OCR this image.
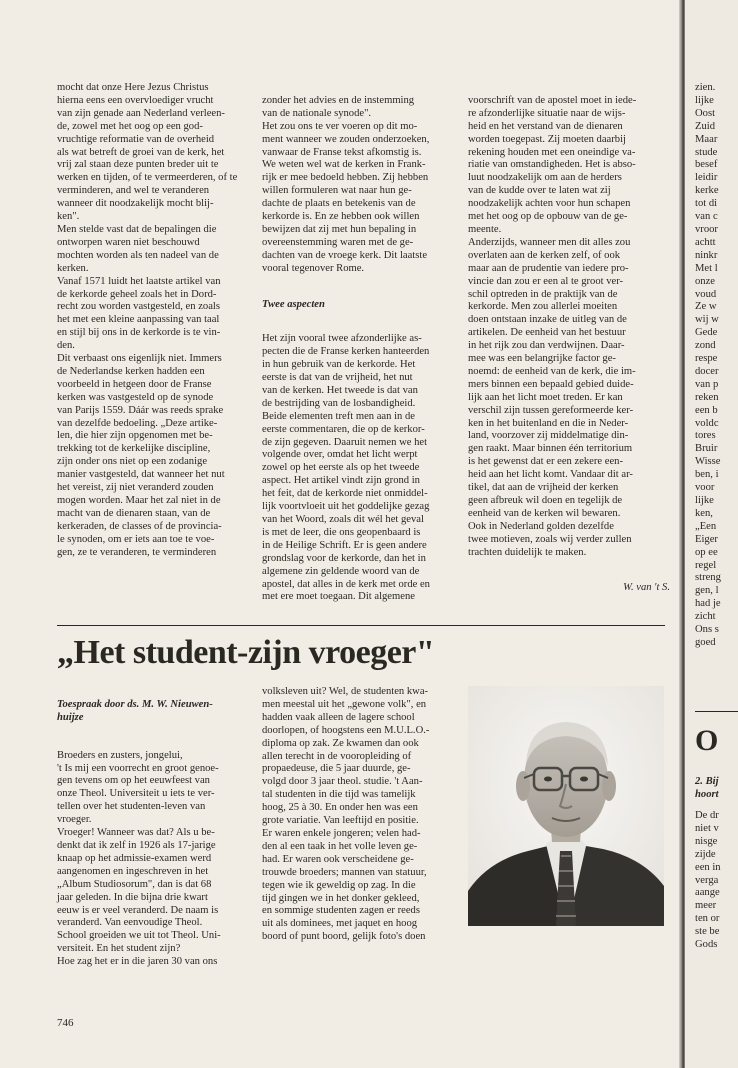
mocht dat onze Here Jezus Christus
hierna eens een overvloediger vrucht
van zijn genade aan Nederland verleen-
de, zowel met het oog op een god-
vruchtige reformatie van de overheid
als wat betreft de groei van de kerk, het
vrij zal staan deze punten breder uit te
werken en tijden, of te vermeerderen, of te
verminderen, and wel te veranderen
wanneer dit noodzakelijk mocht blij-
ken".
Men stelde vast dat de bepalingen die
ontworpen waren niet beschouwd
mochten worden als ten nadeel van de
kerken.
Vanaf 1571 luidt het laatste artikel van
de kerkorde geheel zoals het in Dord-
recht zou worden vastgesteld, en zoals
het met een kleine aanpassing van taal
en stijl bij ons in de kerkorde is te vin-
den.
Dit verbaast ons eigenlijk niet. Immers
de Nederlandse kerken hadden een
voorbeeld in hetgeen door de Franse
kerken was vastgesteld op de synode
van Parijs 1559. Dáár was reeds sprake
van dezelfde bedoeling. „Deze artike-
len, die hier zijn opgenomen met be-
trekking tot de kerkelijke discipline,
zijn onder ons niet op een zodanige
manier vastgesteld, dat wanneer het nut
het vereist, zij niet veranderd zouden
mogen worden. Maar het zal niet in de
macht van de dienaren staan, van de
kerkeraden, de classes of de provincia-
le synoden, om er iets aan toe te voe-
gen, ze te veranderen, te verminderen

zonder het advies en de instemming
van de nationale synode".
Het zou ons te ver voeren op dit mo-
ment wanneer we zouden onderzoeken,
vanwaar de Franse tekst afkomstig is.
We weten wel wat de kerken in Frank-
rijk er mee bedoeld hebben. Zij hebben
willen formuleren wat naar hun ge-
dachte de plaats en betekenis van de
kerkorde is. En ze hebben ook willen
bewijzen dat zij met hun bepaling in
overeenstemming waren met de ge-
dachten van de vroege kerk. Dit laatste
vooral tegenover Rome.

Twee aspecten

Het zijn vooral twee afzonderlijke as-
pecten die de Franse kerken hanteerden
in hun gebruik van de kerkorde. Het
eerste is dat van de vrijheid, het nut
van de kerken. Het tweede is dat van
de bestrijding van de losbandigheid.
Beide elementen treft men aan in de
eerste commentaren, die op de kerkor-
de zijn gegeven. Daaruit nemen we het
volgende over, omdat het licht werpt
zowel op het eerste als op het tweede
aspect. Het artikel vindt zijn grond in
het feit, dat de kerkorde niet onmiddel-
lijk voortvloeit uit het goddelijke gezag
van het Woord, zoals dit wél het geval
is met de leer, die ons geopenbaard is
in de Heilige Schrift. Er is geen andere
grondslag voor de kerkorde, dan het in
algemene zin geldende woord van de
apostel, dat alles in de kerk met orde en
met ere moet toegaan. Dit algemene

voorschrift van de apostel moet in iede-
re afzonderlijke situatie naar de wijs-
heid en het verstand van de dienaren
worden toegepast. Zij moeten daarbij
rekening houden met een oneindige va-
riatie van omstandigheden. Het is abso-
luut noodzakelijk om aan de herders
van de kudde over te laten wat zij
noodzakelijk achten voor hun schapen
met het oog op de opbouw van de ge-
meente.
Anderzijds, wanneer men dit alles zou
overlaten aan de kerken zelf, of ook
maar aan de prudentie van iedere pro-
vincie dan zou er een al te groot ver-
schil optreden in de praktijk van de
kerkorde. Men zou allerlei moeiten
doen ontstaan inzake de uitleg van de
artikelen. De eenheid van het bestuur
in het rijk zou dan verdwijnen. Daar-
mee was een belangrijke factor ge-
noemd: de eenheid van de kerk, die im-
mers binnen een bepaald gebied duide-
lijk aan het licht moet treden. Er kan
verschil zijn tussen gereformeerde ker-
ken in het buitenland en die in Neder-
land, voorzover zij middelmatige din-
gen raakt. Maar binnen één territorium
is het gewenst dat er een zekere een-
heid aan het licht komt. Vandaar dit ar-
tikel, dat aan de vrijheid der kerken
geen afbreuk wil doen en tegelijk de
eenheid van de kerken wil bewaren.
Ook in Nederland golden dezelfde
twee motieven, zoals wij verder zullen
trachten duidelijk te maken.

W. van 't S.

„Het student-zijn vroeger"

Toespraak door ds. M. W. Nieuwen-
huijze

Broeders en zusters, jongelui,
't Is mij een voorrecht en groot genoe-
gen tevens om op het eeuwfeest van
onze Theol. Universiteit u iets te ver-
tellen over het studenten-leven van
vroeger.
Vroeger! Wanneer was dat? Als u be-
denkt dat ik zelf in 1926 als 17-jarige
knaap op het admissie-examen werd
aangenomen en ingeschreven in het
„Album Studiosorum", dan is dat 68
jaar geleden. In die bijna drie kwart
eeuw is er veel veranderd. De naam is
veranderd. Van eenvoudige Theol.
School groeiden we uit tot Theol. Uni-
versiteit. En het student zijn?
Hoe zag het er in die jaren 30 van ons

volksleven uit? Wel, de studenten kwa-
men meestal uit het „gewone volk", en
hadden vaak alleen de lagere school
doorlopen, of hoogstens een M.U.L.O.-
diploma op zak. Ze kwamen dan ook
allen terecht in de vooropleiding of
propaedeuse, die 5 jaar duurde, ge-
volgd door 3 jaar theol. studie. 't Aan-
tal studenten in die tijd was tamelijk
hoog, 25 à 30. En onder hen was een
grote variatie. Van leeftijd en positie.
Er waren enkele jongeren; velen had-
den al een taak in het volle leven ge-
had. Er waren ook verscheidene ge-
trouwde broeders; mannen van statuur,
tegen wie ik geweldig op zag. In die
tijd gingen we in het donker gekleed,
en sommige studenten zagen er reeds
uit als dominees, met jaquet en hoog
boord of punt boord, gelijk foto's doen

746

zien.
lijke
Oost
Zuid
Maar
stude
besef
leidir
kerke
tot di
van c
vroor
achtt
ninkr
Met l
onze
voud
Ze w
wij w
Gede
zond
respe
docer
van p
reken
een b
voldc
tores
Bruir
Wisse
ben, i
voor
lijke
ken,
„Een
Eiger
op ee
regel
streng
gen, l
had je
zicht
Ons s
goed

O

2. Bij
hoort

De dr
niet v
nisge
zijde
een in
verga
aange
meer
ten or
ste be
Gods
